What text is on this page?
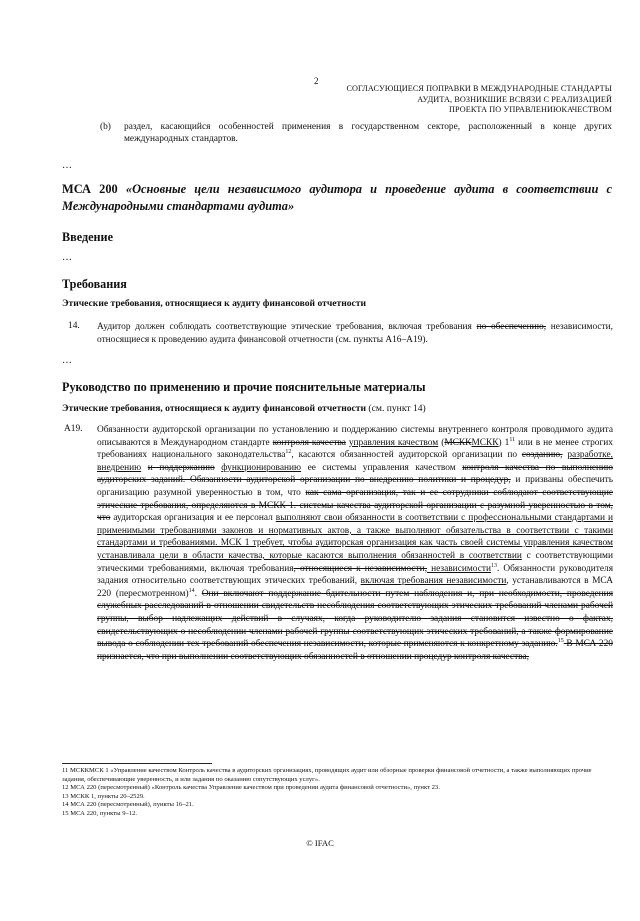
2
СОГЛАСУЮЩИЕСЯ ПОПРАВКИ В МЕЖДУНАРОДНЫЕ СТАНДАРТЫ
АУДИТА, ВОЗНИКШИЕ ВСВЯЗИ С РЕАЛИЗАЦИЕЙ
ПРОЕКТА ПО УПРАВЛЕНИЮКАЧЕСТВОМ
(b) раздел, касающийся особенностей применения в государственном секторе, расположенный в конце других международных стандартов.
…
МСА 200 «Основные цели независимого аудитора и проведение аудита в соответствии с Международными стандартами аудита»
Введение
…
Требования
Этические требования, относящиеся к аудиту финансовой отчетности
14. Аудитор должен соблюдать соответствующие этические требования, включая требования по обеспечению, независимости, относящиеся к проведению аудита финансовой отчетности (см. пункты A16–A19).
…
Руководство по применению и прочие пояснительные материалы
Этические требования, относящиеся к аудиту финансовой отчетности (см. пункт 14)
A19. Обязанности аудиторской организации по установлению и поддержанию системы внутреннего контроля проводимого аудита описываются в Международном стандарте контроля качества управления качеством (МСККМСКК) $1^{11}$ или в не менее строгих требованиях национального законодательства$^{12}$, касаются обязанностей аудиторской организации по созданию, разработке, внедрению и поддержанию функционированию ее системы управления качеством контроля качества по выполнению аудиторских заданий. Обязанности аудиторской организации по внедрению политики и процедур, и призваны обеспечить организацию разумной уверенностью в том, что как сама организация, так и ее сотрудники соблюдают соответствующие этические требования, определяются в МСКК 1. системы качества аудиторской организации с разумной уверенностью в том, что аудиторская организация и ее персонал выполняют свои обязанности в соответствии с профессиональными стандартами и применимыми требованиями законов и нормативных актов, а также выполняют обязательства в соответствии с такими стандартами и требованиями. МСК 1 требует, чтобы аудиторская организация как часть своей системы управления качеством устанавливала цели в области качества, которые касаются выполнения обязанностей в соответствии с соответствующими этическими требованиями, включая требования, относящиеся к независимости, независимости$^{13}$. Обязанности руководителя задания относительно соответствующих этических требований, включая требования независимости, устанавливаются в МСА 220 (пересмотренном)$^{14}$. Они включают поддержание бдительности путем наблюдения и, при необходимости, проведения служебных расследований в отношении свидетельств несоблюдения соответствующих этических требований членами рабочей группы, выбор надлежащих действий в случаях, когда руководителю задания становится известно о фактах, свидетельствующих о несоблюдении членами рабочей группы соответствующих этических требований, а также формирование вывода о соблюдении тех требований обеспечения независимости, которые применяются к конкретному заданию.$^{15}$ В МСА 220 признается, что при выполнении соответствующих обязанностей в отношении процедур контроля качества,
11 МСККМСК 1 «Управление качеством Контроль качества в аудиторских организациях, проводящих аудит или обзорные проверки финансовой отчетности, а также выполняющих прочие задания, обеспечивающие уверенность, и или задания по оказанию сопутствующих услуг».
12 МСА 220 (пересмотренный) «Контроль качества Управление качеством при проведении аудита финансовой отчетности», пункт 23.
13 МСКК 1, пункты 20–2529.
14 МСА 220 (пересмотренный), пункты 16–21.
15 МСА 220, пункты 9–12.
© IFAC
